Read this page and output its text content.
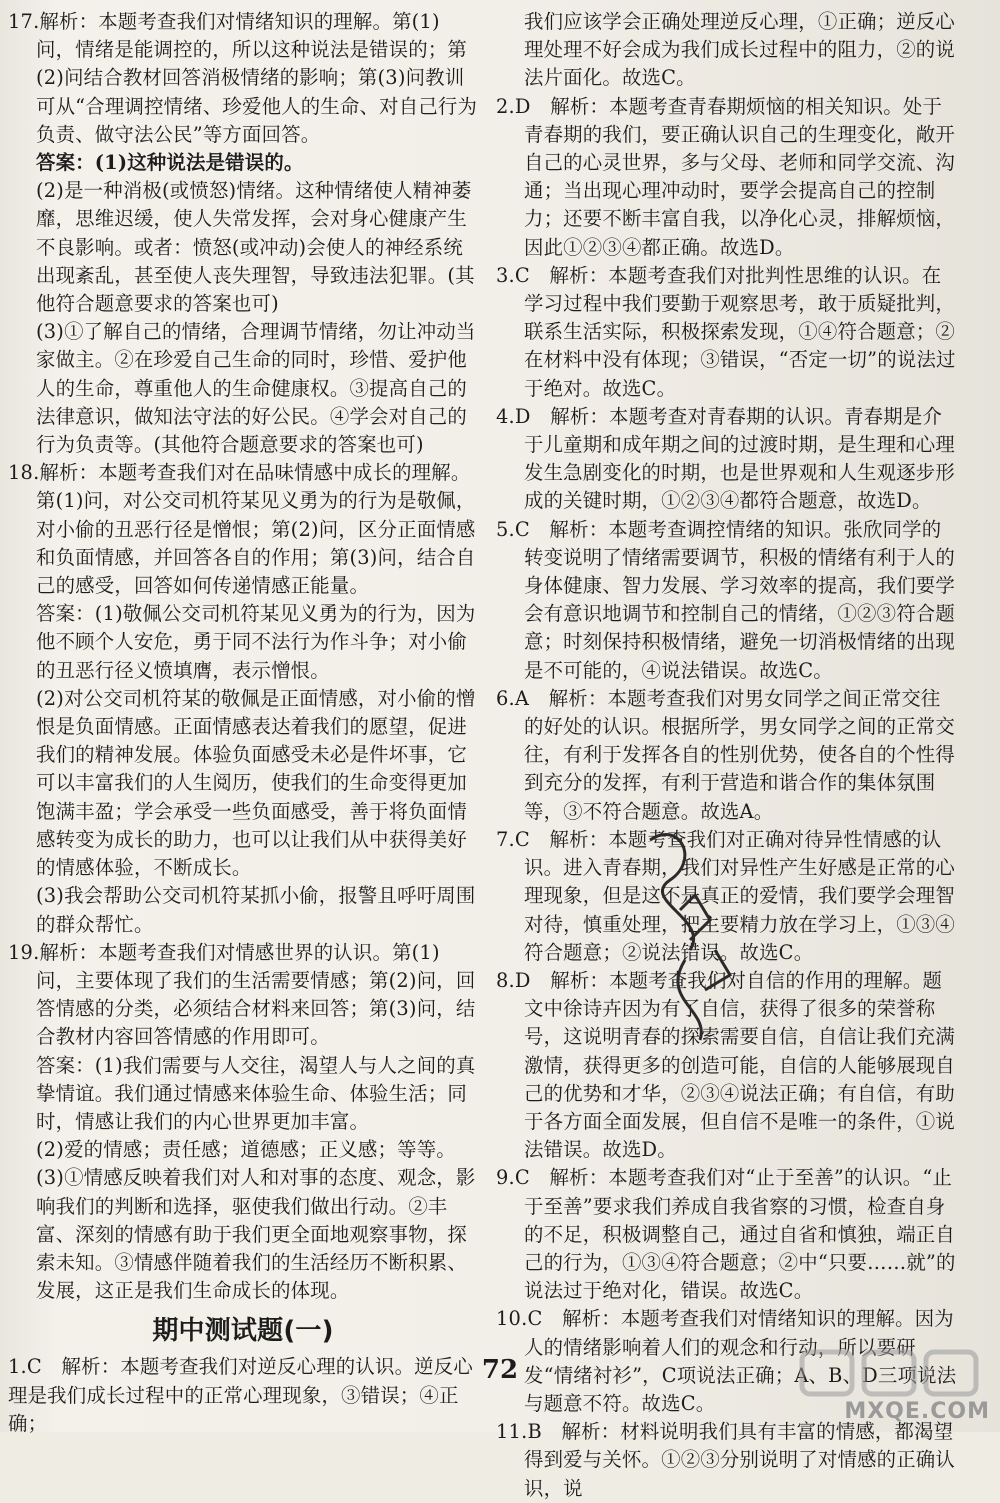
17.解析：本题考查我们对情绪知识的理解。第(1)问，情绪是能调控的，所以这种说法是错误的；第(2)问结合教材回答消极情绪的影响；第(3)问教训可从“合理调控情绪、珍爱他人的生命、对自己行为负责、做守法公民”等方面回答。

答案：(1)这种说法是错误的。

(2)是一种消极(或愤怒)情绪。这种情绪使人精神萎靡，思维迟缓，使人失常发挥，会对身心健康产生不良影响。或者：愤怒(或冲动)会使人的神经系统出现紊乱，甚至使人丧失理智，导致违法犯罪。(其他符合题意要求的答案也可)

(3)①了解自己的情绪，合理调节情绪，勿让冲动当家做主。②在珍爱自己生命的同时，珍惜、爱护他人的生命，尊重他人的生命健康权。③提高自己的法律意识，做知法守法的好公民。④学会对自己的行为负责等。(其他符合题意要求的答案也可)

18.解析：本题考查我们对在品味情感中成长的理解。第(1)问，对公交司机符某见义勇为的行为是敬佩，对小偷的丑恶行径是憎恨；第(2)问，区分正面情感和负面情感，并回答各自的作用；第(3)问，结合自己的感受，回答如何传递情感正能量。

答案：(1)敬佩公交司机符某见义勇为的行为，因为他不顾个人安危，勇于同不法行为作斗争；对小偷的丑恶行径义愤填膺，表示憎恨。

(2)对公交司机符某的敬佩是正面情感，对小偷的憎恨是负面情感。正面情感表达着我们的愿望，促进我们的精神发展。体验负面感受未必是件坏事，它可以丰富我们的人生阅历，使我们的生命变得更加饱满丰盈；学会承受一些负面感受，善于将负面情感转变为成长的助力，也可以让我们从中获得美好的情感体验，不断成长。

(3)我会帮助公交司机符某抓小偷，报警且呼吁周围的群众帮忙。

19.解析：本题考查我们对情感世界的认识。第(1)问，主要体现了我们的生活需要情感；第(2)问，回答情感的分类，必须结合材料来回答；第(3)问，结合教材内容回答情感的作用即可。

答案：(1)我们需要与人交往，渴望人与人之间的真挚情谊。我们通过情感来体验生命、体验生活；同时，情感让我们的内心世界更加丰富。

(2)爱的情感；责任感；道德感；正义感；等等。

(3)①情感反映着我们对人和对事的态度、观念，影响我们的判断和选择，驱使我们做出行动。②丰富、深刻的情感有助于我们更全面地观察事物，探索未知。③情感伴随着我们的生活经历不断积累、发展，这正是我们生命成长的体现。

期中测试题(一)

1.C　解析：本题考查我们对逆反心理的认识。逆反心理是我们成长过程中的正常心理现象，③错误；④正确；

我们应该学会正确处理逆反心理，①正确；逆反心理处理不好会成为我们成长过程中的阻力，②的说法片面化。故选C。

2.D　解析：本题考查青春期烦恼的相关知识。处于青春期的我们，要正确认识自己的生理变化，敞开自己的心灵世界，多与父母、老师和同学交流、沟通；当出现心理冲动时，要学会提高自己的控制力；还要不断丰富自我，以净化心灵，排解烦恼，因此①②③④都正确。故选D。

3.C　解析：本题考查我们对批判性思维的认识。在学习过程中我们要勤于观察思考，敢于质疑批判，联系生活实际，积极探索发现，①④符合题意；②在材料中没有体现；③错误，“否定一切”的说法过于绝对。故选C。

4.D　解析：本题考查对青春期的认识。青春期是介于儿童期和成年期之间的过渡时期，是生理和心理发生急剧变化的时期，也是世界观和人生观逐步形成的关键时期，①②③④都符合题意，故选D。

5.C　解析：本题考查调控情绪的知识。张欣同学的转变说明了情绪需要调节，积极的情绪有利于人的身体健康、智力发展、学习效率的提高，我们要学会有意识地调节和控制自己的情绪，①②③符合题意；时刻保持积极情绪，避免一切消极情绪的出现是不可能的，④说法错误。故选C。

6.A　解析：本题考查我们对男女同学之间正常交往的好处的认识。根据所学，男女同学之间的正常交往，有利于发挥各自的性别优势，使各自的个性得到充分的发挥，有利于营造和谐合作的集体氛围等，③不符合题意。故选A。

7.C　解析：本题考查我们对正确对待异性情感的认识。进入青春期，我们对异性产生好感是正常的心理现象，但是这不是真正的爱情，我们要学会理智对待，慎重处理，把主要精力放在学习上，①③④符合题意；②说法错误。故选C。

8.D　解析：本题考查我们对自信的作用的理解。题文中徐诗卉因为有了自信，获得了很多的荣誉称号，这说明青春的探索需要自信，自信让我们充满激情，获得更多的创造可能，自信的人能够展现自己的优势和才华，②③④说法正确；有自信，有助于各方面全面发展，但自信不是唯一的条件，①说法错误。故选D。

9.C　解析：本题考查我们对“止于至善”的认识。“止于至善”要求我们养成自我省察的习惯，检查自身的不足，积极调整自己，通过自省和慎独，端正自己的行为，①③④符合题意；②中“只要……就”的说法过于绝对化，错误。故选C。

10.C　解析：本题考查我们对情绪知识的理解。因为人的情绪影响着人们的观念和行动，所以要研发“情绪衬衫”，C项说法正确；A、B、D三项说法与题意不符。故选C。

11.B　解析：材料说明我们具有丰富的情感，都渴望得到爱与关怀。①②③分别说明了对情感的正确认识，说

72
MXQE.COM
